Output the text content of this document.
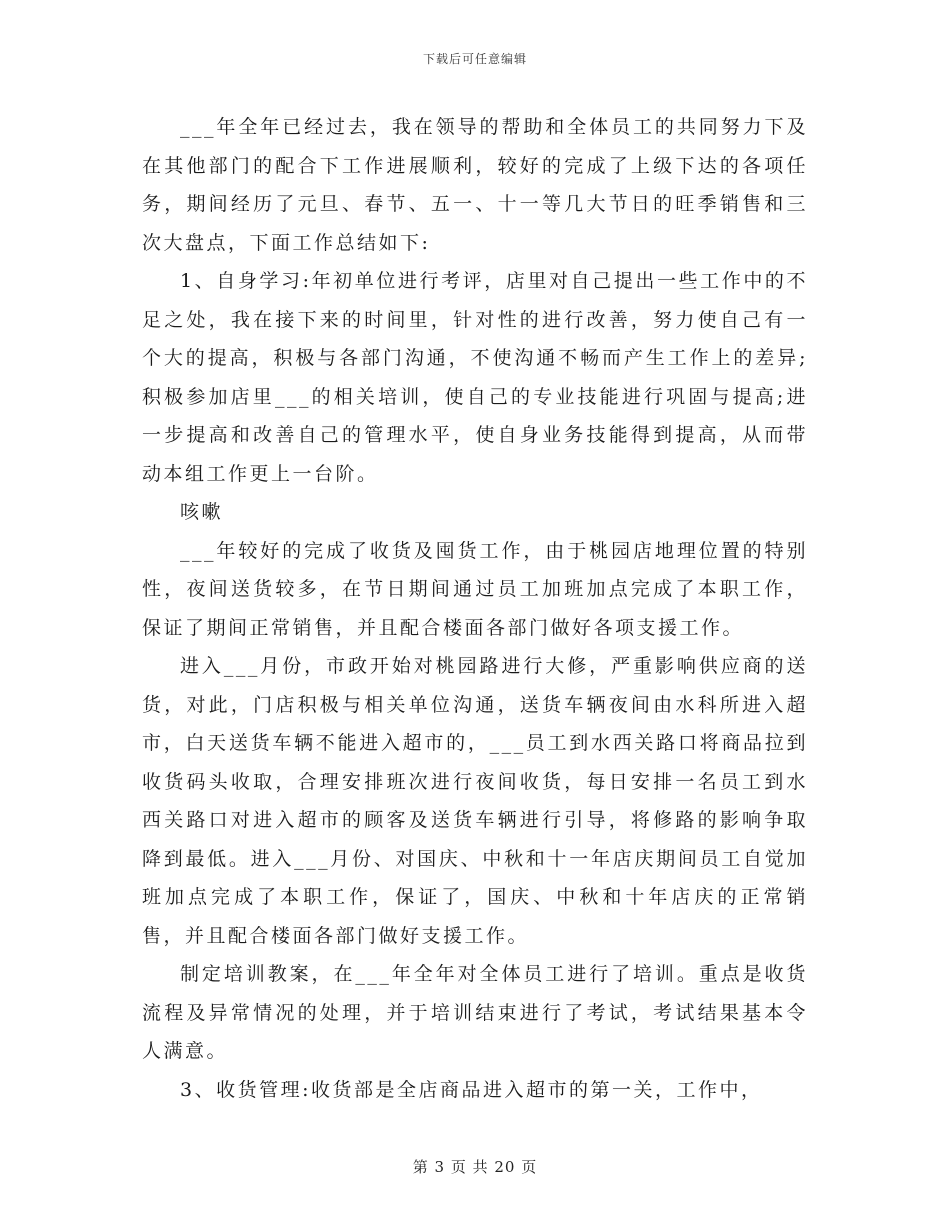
下载后可任意编辑

___年全年已经过去，我在领导的帮助和全体员工的共同努力下及在其他部门的配合下工作进展顺利，较好的完成了上级下达的各项任务，期间经历了元旦、春节、五一、十一等几大节日的旺季销售和三次大盘点，下面工作总结如下:

1、自身学习:年初单位进行考评，店里对自己提出一些工作中的不足之处，我在接下来的时间里，针对性的进行改善，努力使自己有一个大的提高，积极与各部门沟通，不使沟通不畅而产生工作上的差异;积极参加店里___的相关培训，使自己的专业技能进行巩固与提高;进一步提高和改善自己的管理水平，使自身业务技能得到提高，从而带动本组工作更上一台阶。

咳嗽

___年较好的完成了收货及囤货工作，由于桃园店地理位置的特别性，夜间送货较多，在节日期间通过员工加班加点完成了本职工作，保证了期间正常销售，并且配合楼面各部门做好各项支援工作。

进入___月份，市政开始对桃园路进行大修，严重影响供应商的送货，对此，门店积极与相关单位沟通，送货车辆夜间由水科所进入超市，白天送货车辆不能进入超市的，___员工到水西关路口将商品拉到收货码头收取，合理安排班次进行夜间收货，每日安排一名员工到水西关路口对进入超市的顾客及送货车辆进行引导，将修路的影响争取降到最低。进入___月份、对国庆、中秋和十一年店庆期间员工自觉加班加点完成了本职工作，保证了，国庆、中秋和十年店庆的正常销售，并且配合楼面各部门做好支援工作。

制定培训教案，在___年全年对全体员工进行了培训。重点是收货流程及异常情况的处理，并于培训结束进行了考试，考试结果基本令人满意。

3、收货管理:收货部是全店商品进入超市的第一关，工作中，

第 3 页 共 20 页
